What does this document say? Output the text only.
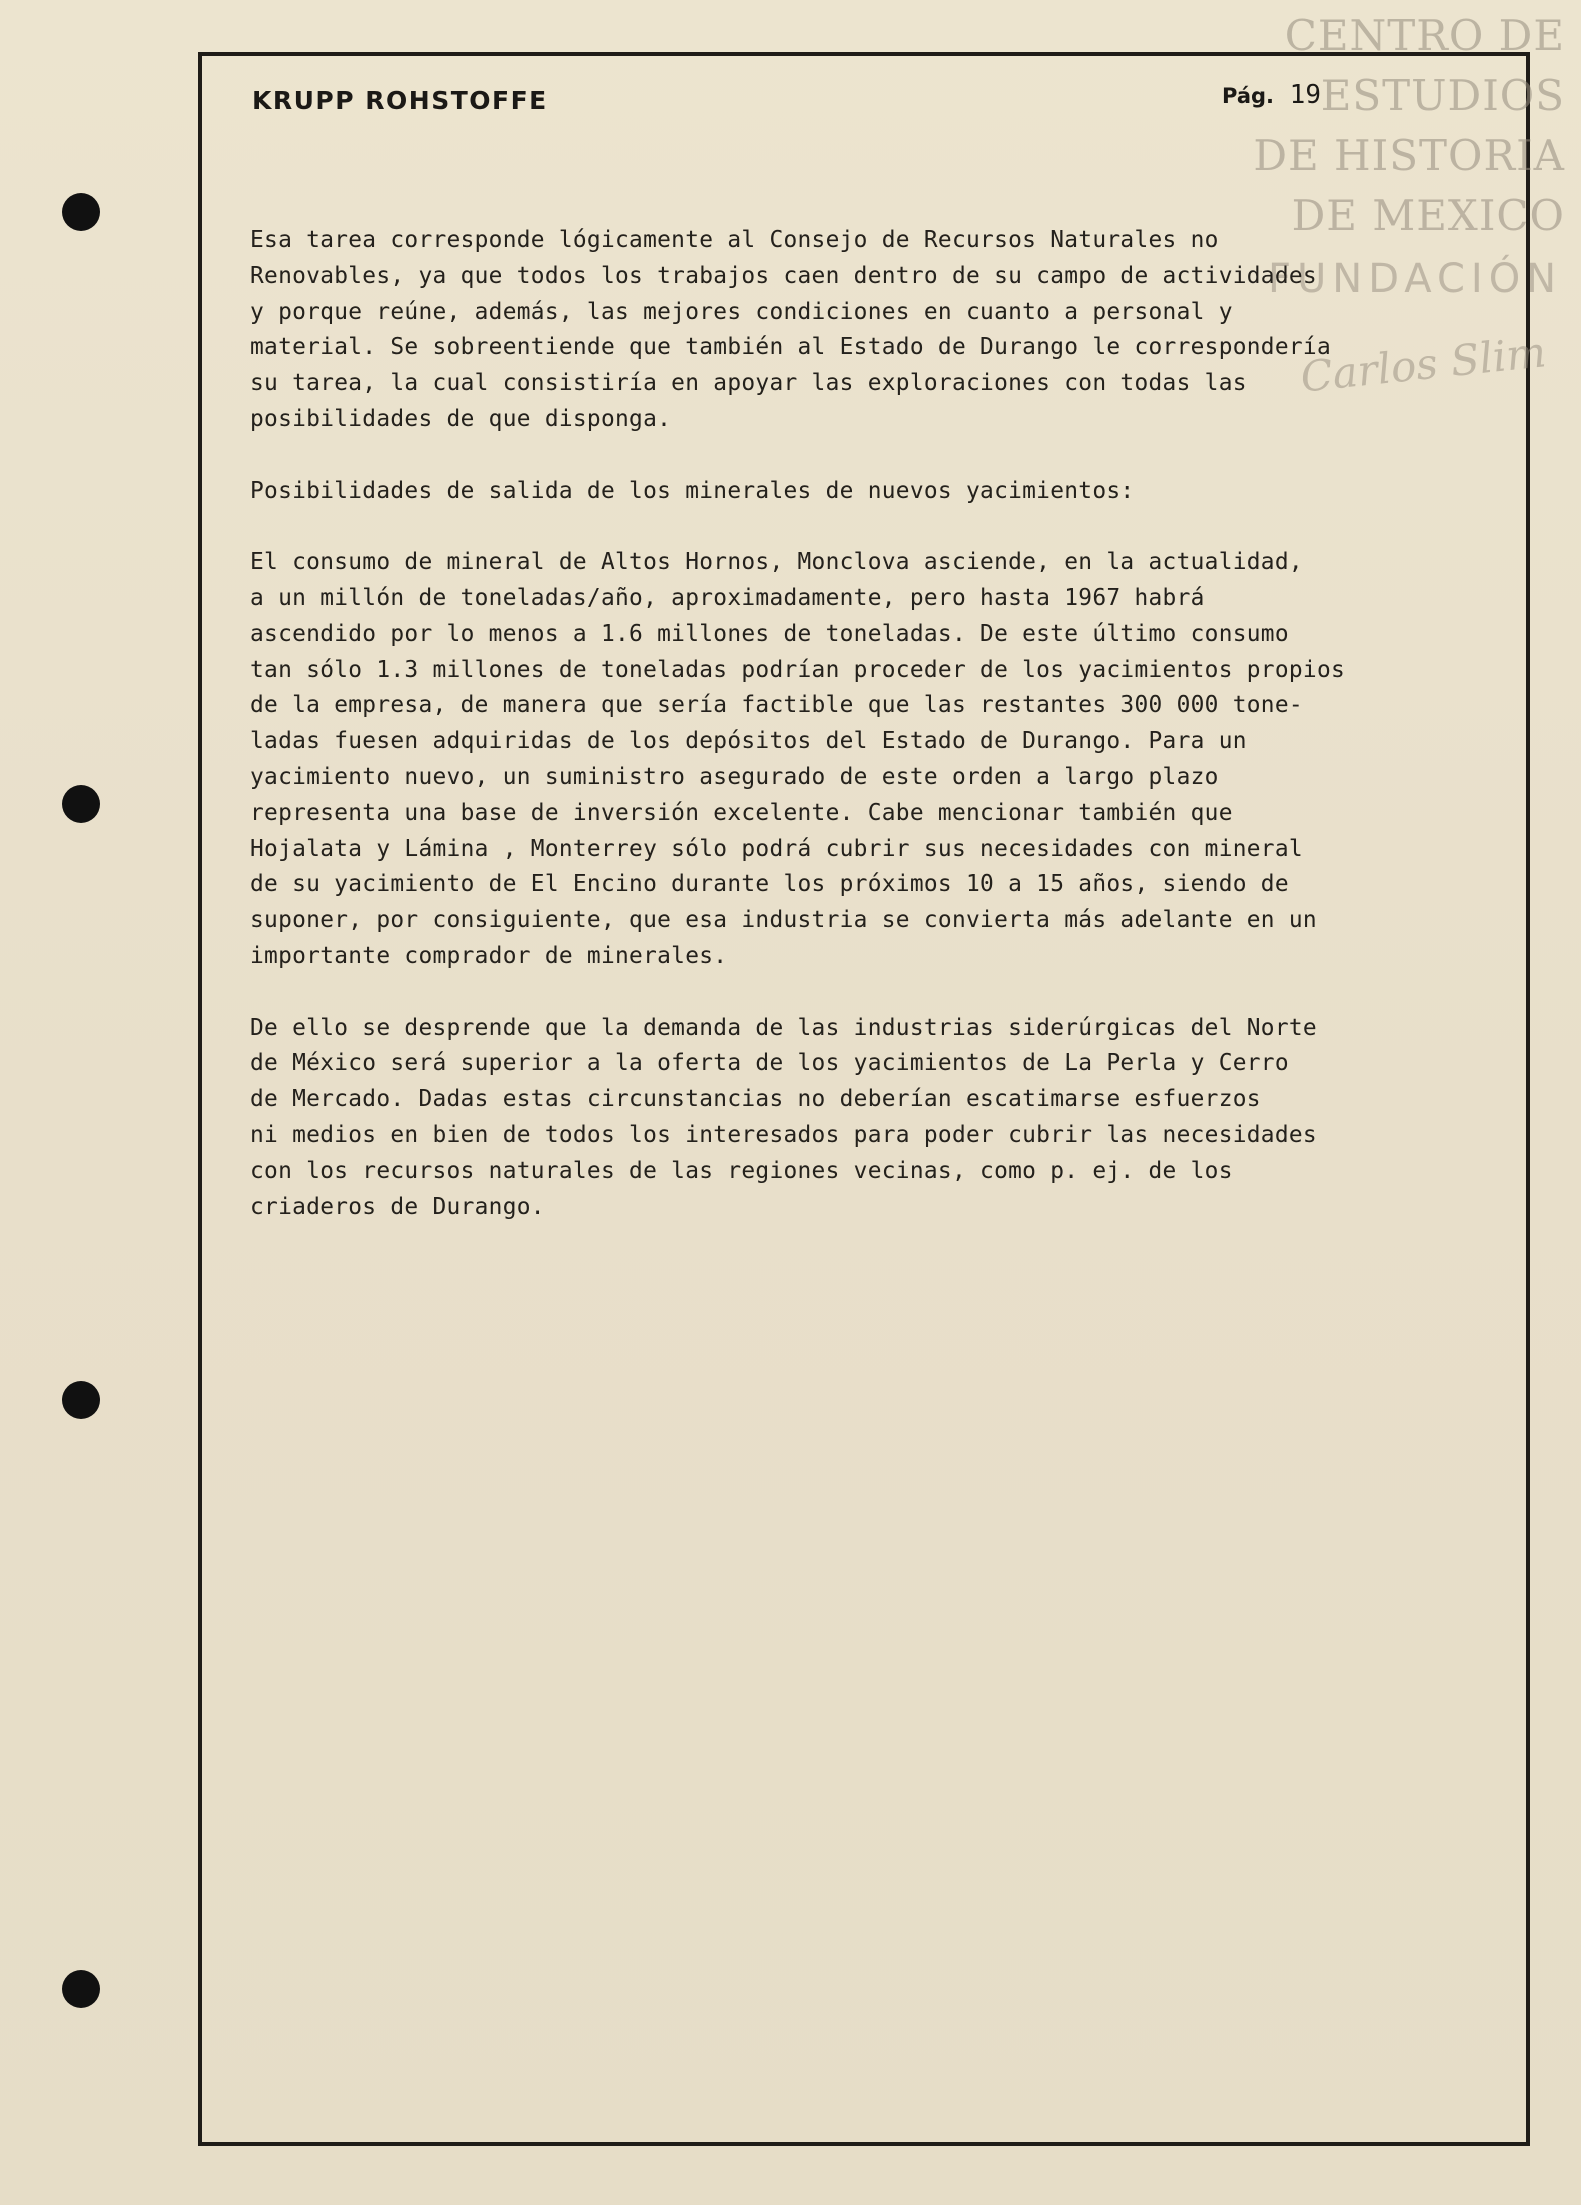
CENTRO DE
ESTUDIOS
DE HISTORIA
DE MEXICO
FUNDACIÓN
Carlos Slim
KRUPP ROHSTOFFE	Pág. 19

Esa tarea corresponde lógicamente al Consejo de Recursos Naturales no
Renovables, ya que todos los trabajos caen dentro de su campo de actividades
y porque reúne, además, las mejores condiciones en cuanto a personal y
material. Se sobreentiende que también al Estado de Durango le correspondería
su tarea, la cual consistiría en apoyar las exploraciones con todas las
posibilidades de que disponga.

Posibilidades de salida de los minerales de nuevos yacimientos:

El consumo de mineral de Altos Hornos, Monclova asciende, en la actualidad,
a un millón de toneladas/año, aproximadamente, pero hasta 1967 habrá
ascendido por lo menos a 1.6 millones de toneladas. De este último consumo
tan sólo 1.3 millones de toneladas podrían proceder de los yacimientos propios
de la empresa, de manera que sería factible que las restantes 300 000 tone-
ladas fuesen adquiridas de los depósitos del Estado de Durango. Para un
yacimiento nuevo, un suministro asegurado de este orden a largo plazo
representa una base de inversión excelente. Cabe mencionar también que
Hojalata y Lámina , Monterrey sólo podrá cubrir sus necesidades con mineral
de su yacimiento de El Encino durante los próximos 10 a 15 años, siendo de
suponer, por consiguiente, que esa industria se convierta más adelante en un
importante comprador de minerales.

De ello se desprende que la demanda de las industrias siderúrgicas del Norte
de México será superior a la oferta de los yacimientos de La Perla y Cerro
de Mercado. Dadas estas circunstancias no deberían escatimarse esfuerzos
ni medios en bien de todos los interesados para poder cubrir las necesidades
con los recursos naturales de las regiones vecinas, como p. ej. de los
criaderos de Durango.
